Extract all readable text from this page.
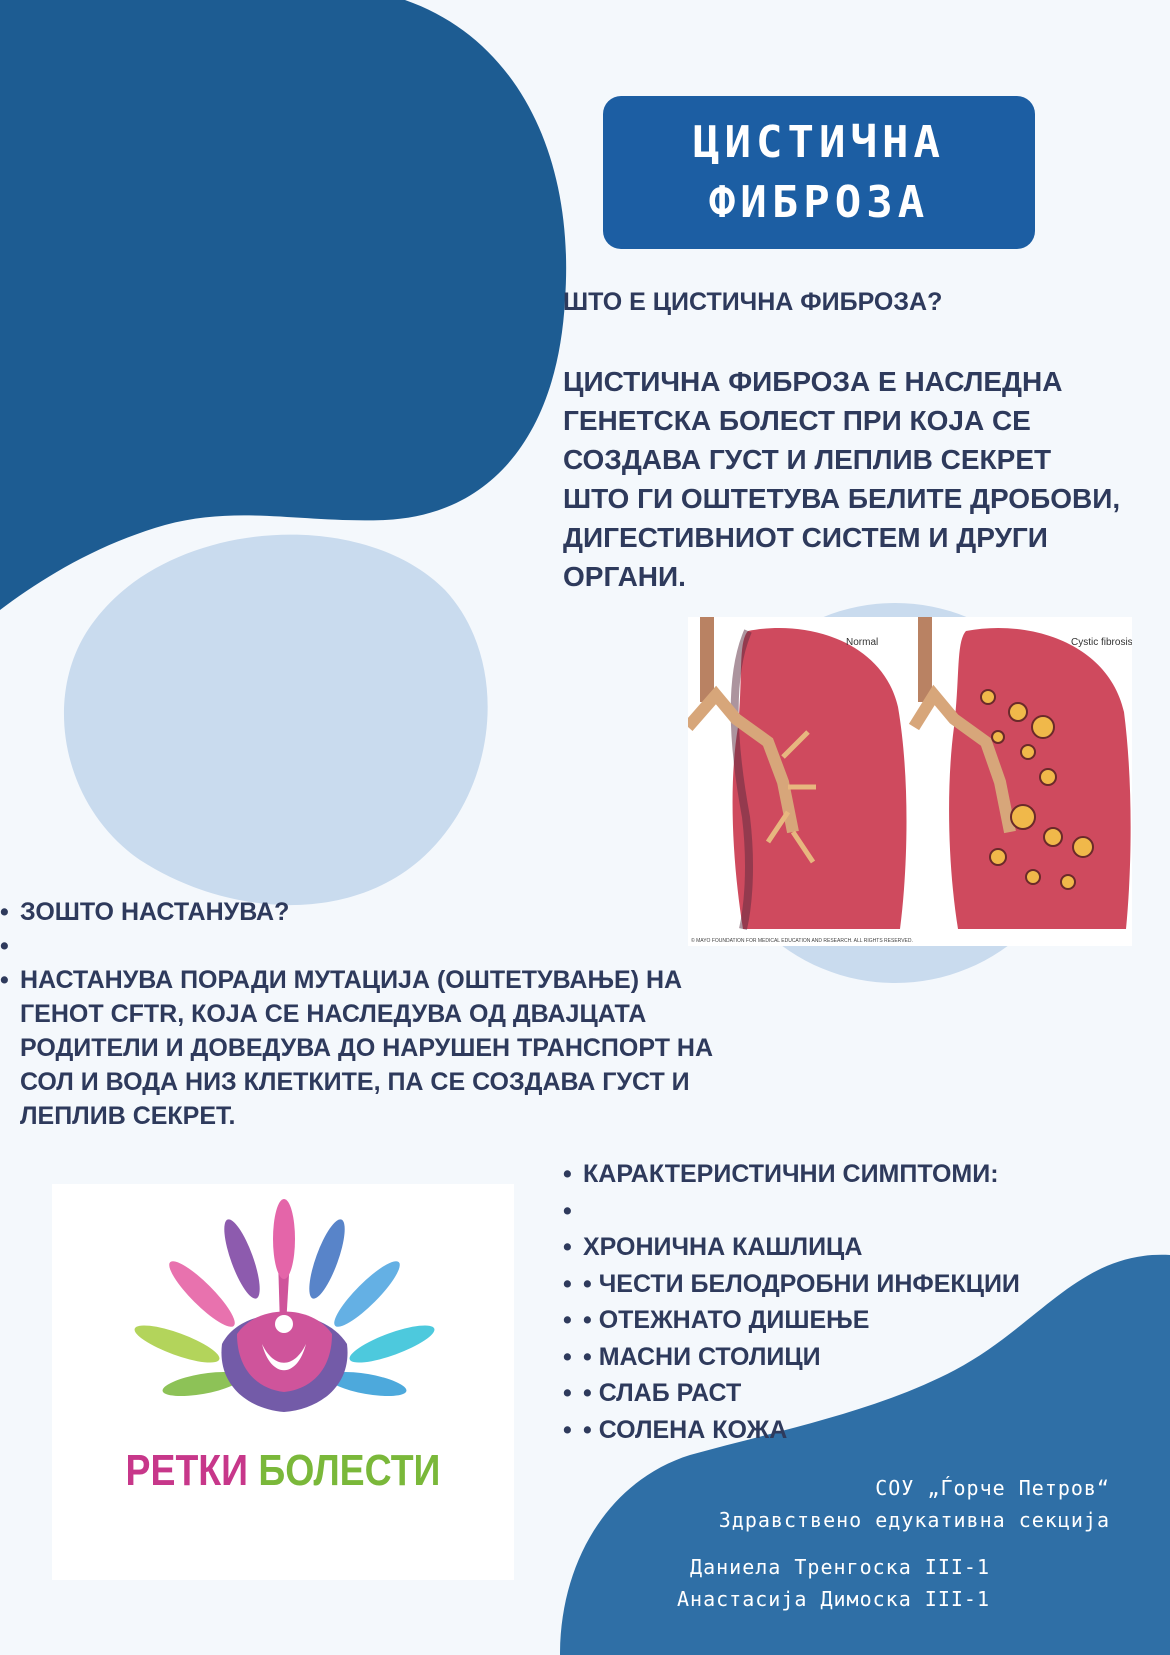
ЦИСТИЧНА
ФИБРОЗА
ШТО Е ЦИСТИЧНА ФИБРОЗА?
ЦИСТИЧНА ФИБРОЗА Е НАСЛЕДНА ГЕНЕТСКА БОЛЕСТ ПРИ КОЈА СЕ СОЗДАВА ГУСТ И ЛЕПЛИВ СЕКРЕТ ШТО ГИ ОШТЕТУВА БЕЛИТЕ ДРОБОВИ, ДИГЕСТИВНИОТ СИСТЕМ И ДРУГИ ОРГАНИ.
Normal	Cystic fibrosis
© MAYO FOUNDATION FOR MEDICAL EDUCATION AND RESEARCH. ALL RIGHTS RESERVED.
• ЗОШТО НАСТАНУВА?
•
• НАСТАНУВА ПОРАДИ МУТАЦИЈА (ОШТЕТУВАЊЕ) НА ГЕНОТ CFTR, КОЈА СЕ НАСЛЕДУВА ОД ДВАЈЦАТА РОДИТЕЛИ И ДОВЕДУВА ДО НАРУШЕН ТРАНСПОРТ НА СОЛ И ВОДА НИЗ КЛЕТКИТЕ, ПА СЕ СОЗДАВА ГУСТ И ЛЕПЛИВ СЕКРЕТ.
• КАРАКТЕРИСТИЧНИ СИМПТОМИ:
•
• ХРОНИЧНА КАШЛИЦА
• • ЧЕСТИ БЕЛОДРОБНИ ИНФЕКЦИИ
• • ОТЕЖНАТО ДИШЕЊЕ
• • МАСНИ СТОЛИЦИ
• • СЛАБ РАСТ
• • СОЛЕНА КОЖА
РЕТКИ БОЛЕСТИ	СОУ „Ѓорче Петров“
Здравствено едукативна секција
Даниела Тренгоска III-1
Анастасија Димоска III-1
